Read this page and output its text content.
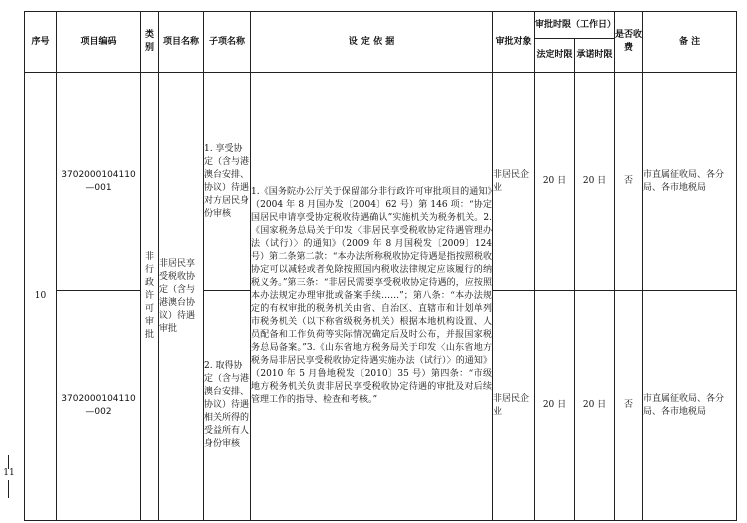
11
序号	项目编码	类别	项目名称	子项名称	设 定 依 据	审批对象	审批时限（工作日）		是否收费	备 注
							法定时限	承诺时限		
10	3702000104110—001	非行政许可审批	非居民享受税收协定（含与港澳台协议）待遇审批	1. 享受协定（含与港澳台安排、协议）待遇对方居民身份审核	1.《国务院办公厅关于保留部分非行政许可审批项目的通知》（2004 年 8 月国办发〔2004〕62 号）第 146 项：“协定国居民申请享受协定税收待遇确认”实施机关为税务机关。2.《国家税务总局关于印发〈非居民享受税收协定待遇管理办法（试行）〉的通知》（2009 年 8 月国税发〔2009〕124 号）第二条第二款：“本办法所称税收协定待遇是指按照税收协定可以减轻或者免除按照国内税收法律规定应该履行的纳税义务。”第三条：“非居民需要享受税收协定待遇的，应按照本办法规定办理审批或备案手续……”；第八条：“本办法规定的有权审批的税务机关由省、自治区、直辖市和计划单列市税务机关（以下称省级税务机关）根据本地机构设置、人员配备和工作负荷等实际情况确定后及时公布，并报国家税务总局备案。”3.《山东省地方税务局关于印发〈山东省地方税务局非居民享受税收协定待遇实施办法（试行）〉的通知》（2010 年 5 月鲁地税发〔2010〕35 号）第四条：“市级地方税务机关负责非居民享受税收协定待遇的审批及对后续管理工作的指导、检查和考核。”	非居民企业	20 日	20 日	否	市直属征收局、各分局、各市地税局
	3702000104110—002			2. 取得协定（含与港澳台安排、协议）待遇相关所得的受益所有人身份审核		非居民企业	20 日	20 日	否	市直属征收局、各分局、各市地税局
